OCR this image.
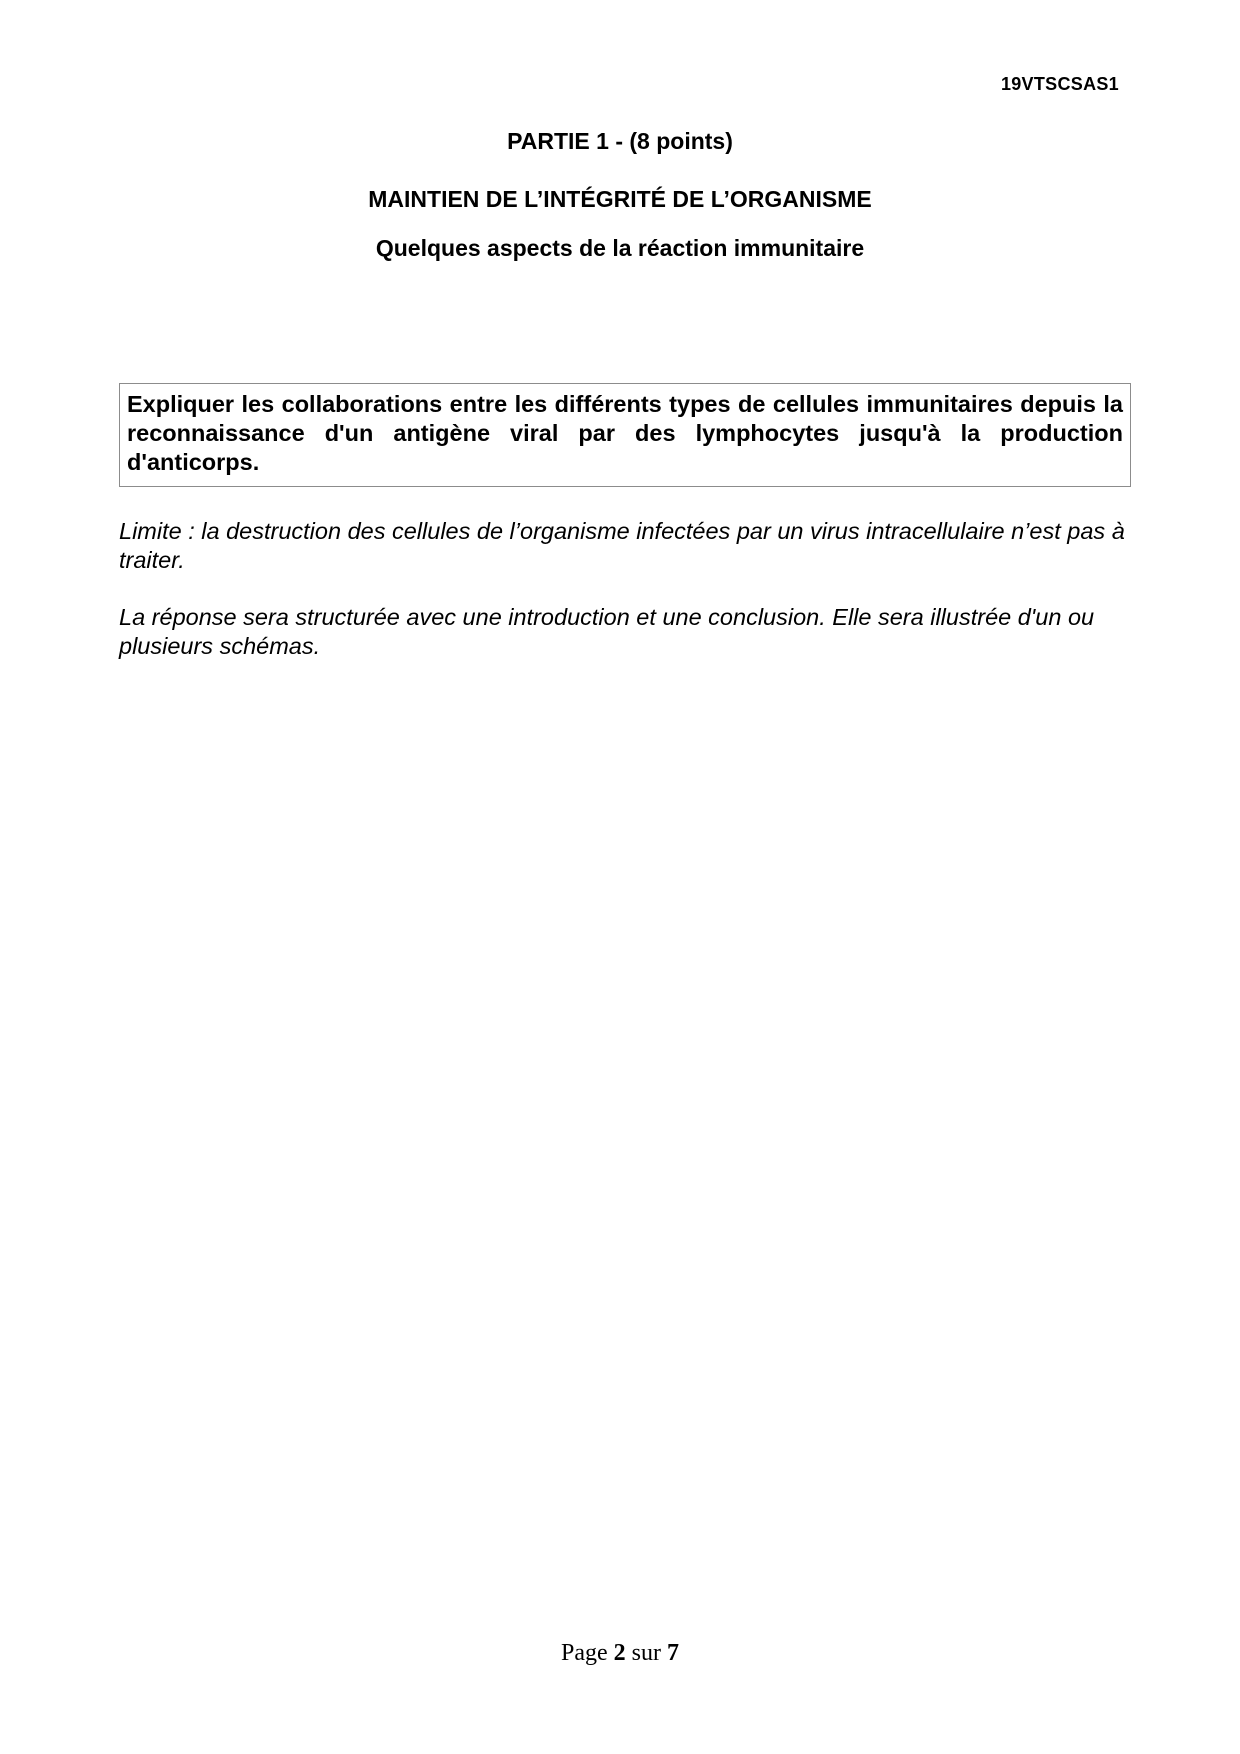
19VTSCSAS1
PARTIE 1 - (8 points)
MAINTIEN DE L’INTÉGRITÉ DE L’ORGANISME
Quelques aspects de la réaction immunitaire
Expliquer les collaborations entre les différents types de cellules immunitaires depuis la reconnaissance d'un antigène viral par des lymphocytes jusqu'à la production d'anticorps.
Limite : la destruction des cellules de l’organisme infectées par un virus intracellulaire n’est pas à traiter.
La réponse sera structurée avec une introduction et une conclusion. Elle sera illustrée d'un ou plusieurs schémas.
Page 2 sur 7
